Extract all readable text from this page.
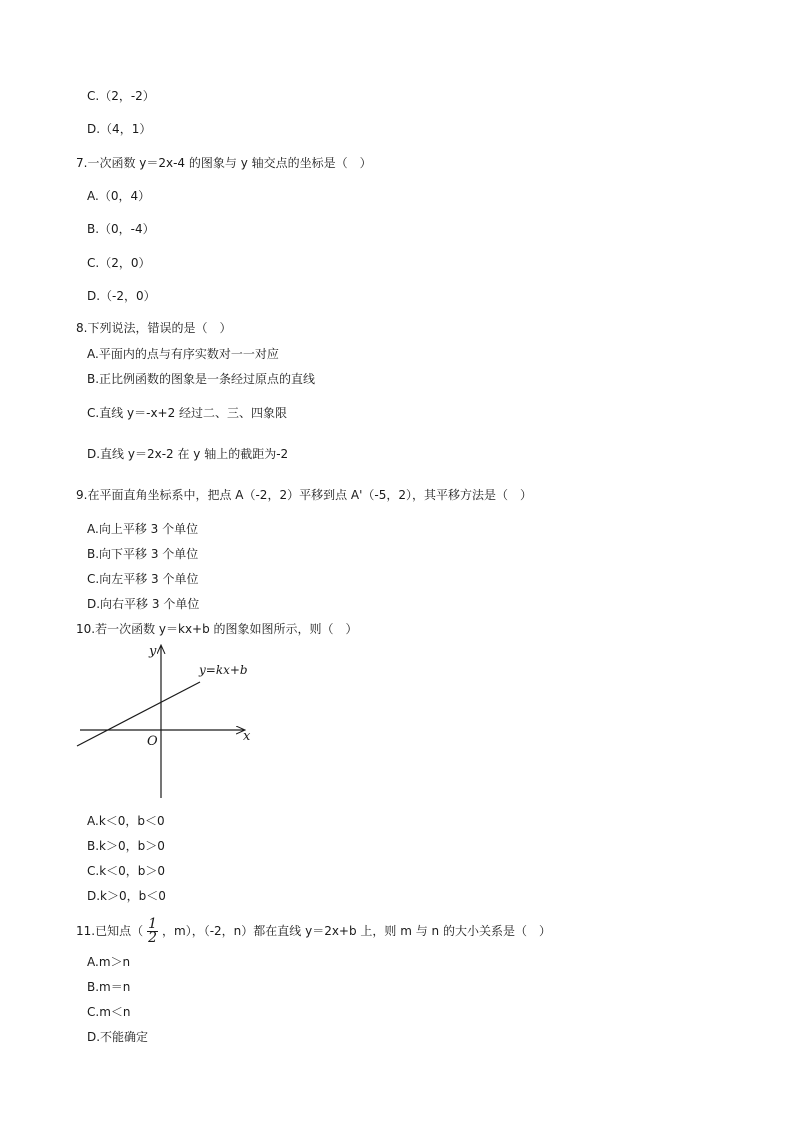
C.（2，-2）
D.（4，1）
7.一次函数 y＝2x-4 的图象与 y 轴交点的坐标是（　）
A.（0，4）
B.（0，-4）
C.（2，0）
D.（-2，0）
8.下列说法，错误的是（　）
A.平面内的点与有序实数对一一对应
B.正比例函数的图象是一条经过原点的直线
C.直线 y＝-x+2 经过二、三、四象限
D.直线 y＝2x-2 在 y 轴上的截距为-2
9.在平面直角坐标系中，把点 A（-2，2）平移到点 A'（-5，2），其平移方法是（　）
A.向上平移 3 个单位
B.向下平移 3 个单位
C.向左平移 3 个单位
D.向右平移 3 个单位
10.若一次函数 y＝kx+b 的图象如图所示，则（　）
y
x
O
y=kx+b
A.k＜0，b＜0
B.k＞0，b＞0
C.k＜0，b＞0
D.k＞0，b＜0
11.已知点（ $\frac{1}{2}$ ，m），（-2，n）都在直线 y＝2x+b 上，则 m 与 n 的大小关系是（　）
A.m＞n
B.m＝n
C.m＜n
D.不能确定
